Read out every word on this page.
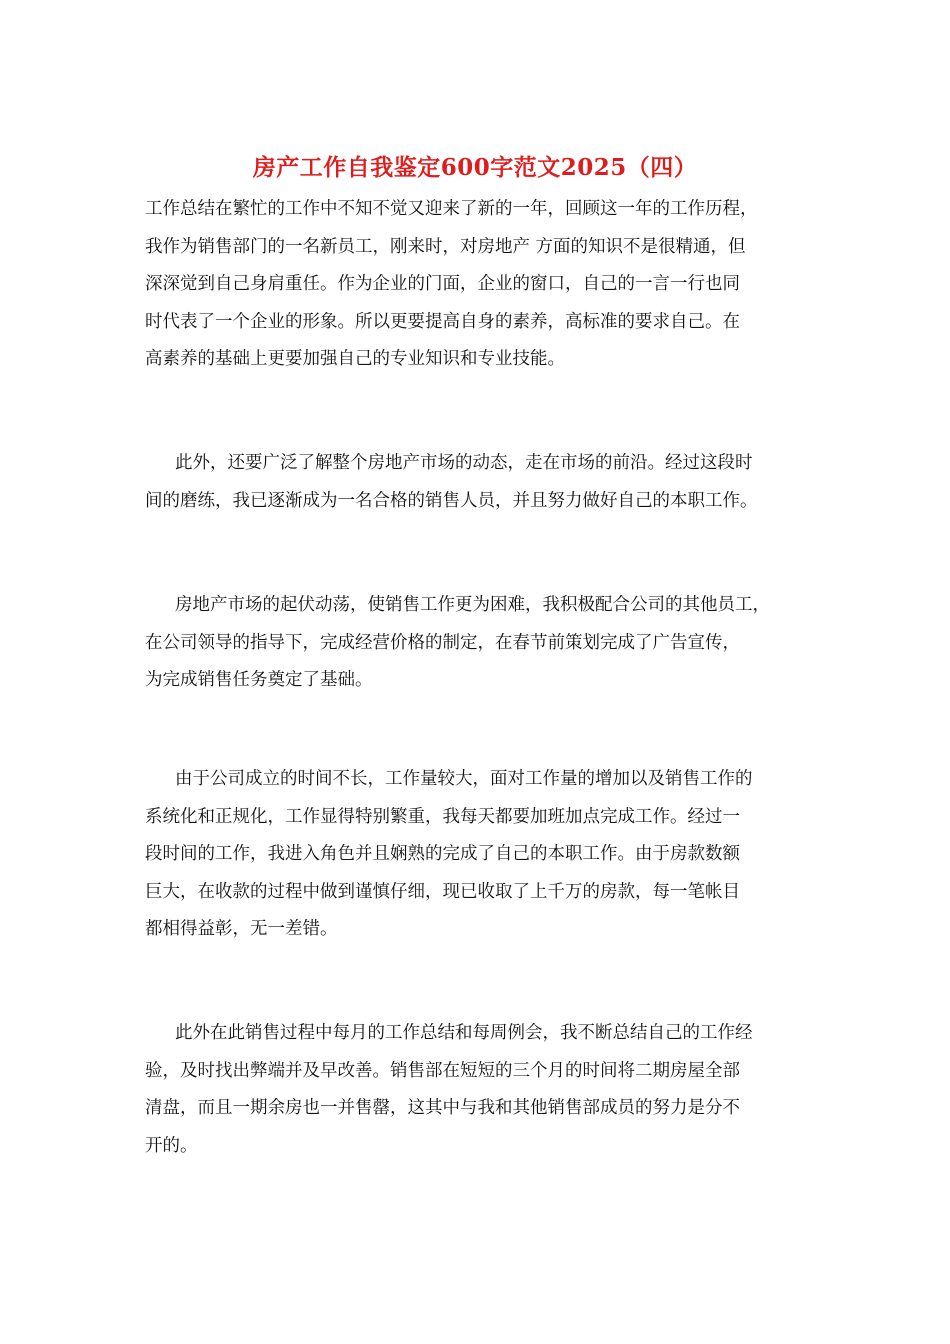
房产工作自我鉴定600字范文2025（四）

工作总结在繁忙的工作中不知不觉又迎来了新的一年，回顾这一年的工作历程，
我作为销售部门的一名新员工，刚来时，对房地产 方面的知识不是很精通，但
深深觉到自己身肩重任。作为企业的门面，企业的窗口，自己的一言一行也同
时代表了一个企业的形象。所以更要提高自身的素养，高标准的要求自己。在
高素养的基础上更要加强自己的专业知识和专业技能。

此外，还要广泛了解整个房地产市场的动态，走在市场的前沿。经过这段时
间的磨练，我已逐渐成为一名合格的销售人员，并且努力做好自己的本职工作。

房地产市场的起伏动荡，使销售工作更为困难，我积极配合公司的其他员工，
在公司领导的指导下，完成经营价格的制定，在春节前策划完成了广告宣传，
为完成销售任务奠定了基础。

由于公司成立的时间不长，工作量较大，面对工作量的增加以及销售工作的
系统化和正规化，工作显得特别繁重，我每天都要加班加点完成工作。经过一
段时间的工作，我进入角色并且娴熟的完成了自己的本职工作。由于房款数额
巨大，在收款的过程中做到谨慎仔细，现已收取了上千万的房款，每一笔帐目
都相得益彰，无一差错。

此外在此销售过程中每月的工作总结和每周例会，我不断总结自己的工作经
验，及时找出弊端并及早改善。销售部在短短的三个月的时间将二期房屋全部
清盘，而且一期余房也一并售罄，这其中与我和其他销售部成员的努力是分不
开的。
